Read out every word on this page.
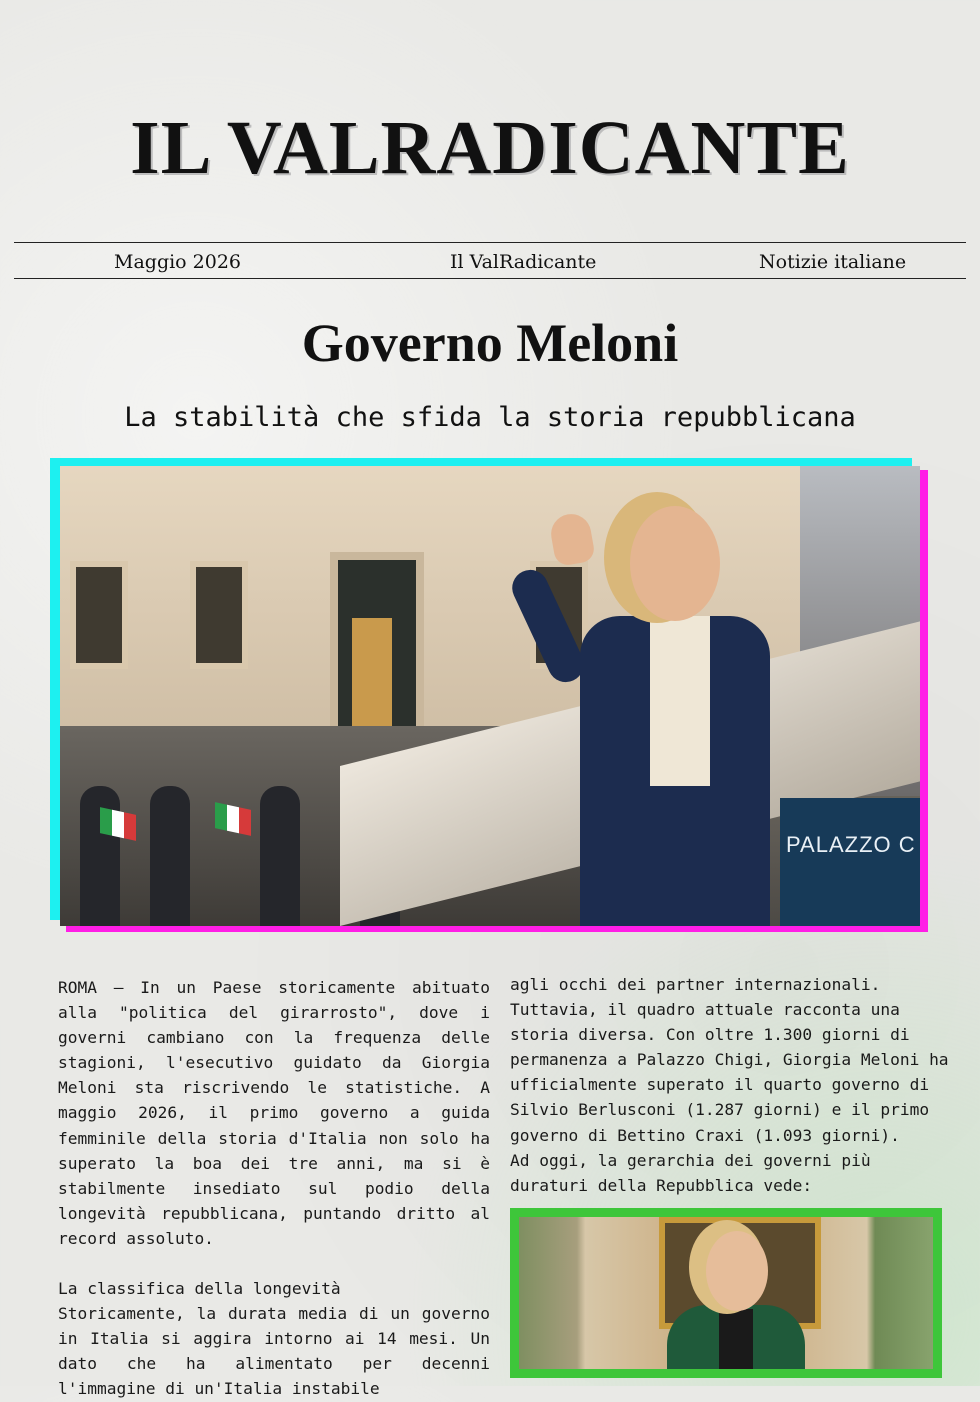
IL VALRADICANTE
Maggio 2026	Il ValRadicante	Notizie italiane
Governo Meloni
La stabilità che sfida la storia repubblicana
PALAZZO C

ROMA — In un Paese storicamente abituato alla "politica del girarrosto", dove i governi cambiano con la frequenza delle stagioni, l'esecutivo guidato da Giorgia Meloni sta riscrivendo le statistiche. A maggio 2026, il primo governo a guida femminile della storia d'Italia non solo ha superato la boa dei tre anni, ma si è stabilmente insediato sul podio della longevità repubblicana, puntando dritto al record assoluto.

La classifica della longevità

Storicamente, la durata media di un governo in Italia si aggira intorno ai 14 mesi. Un dato che ha alimentato per decenni l'immagine di un'Italia instabile

agli occhi dei partner internazionali. Tuttavia, il quadro attuale racconta una storia diversa. Con oltre 1.300 giorni di permanenza a Palazzo Chigi, Giorgia Meloni ha ufficialmente superato il quarto governo di Silvio Berlusconi (1.287 giorni) e il primo governo di Bettino Craxi (1.093 giorni).

Ad oggi, la gerarchia dei governi più duraturi della Repubblica vede:
